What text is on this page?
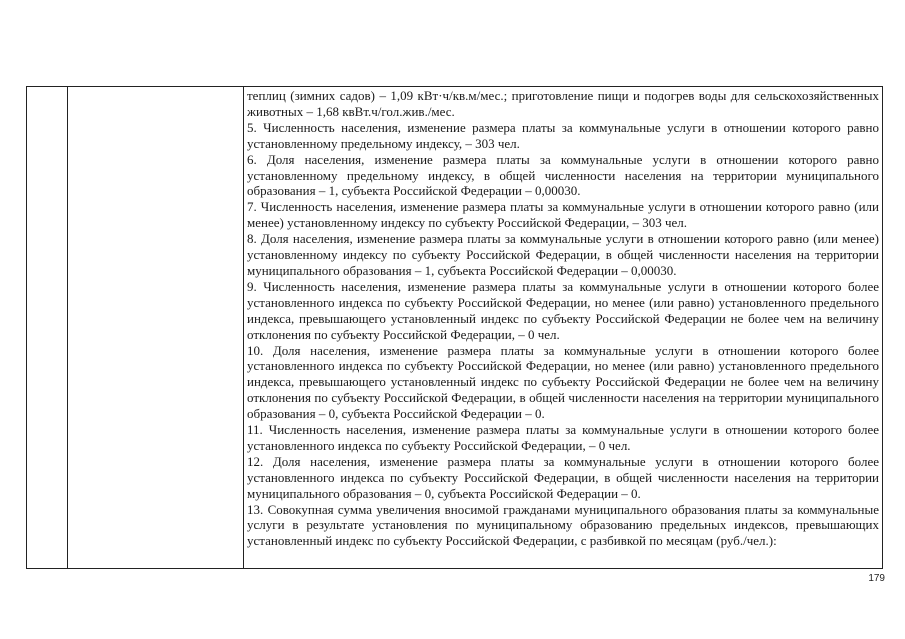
теплиц (зимних садов) – 1,09 кВт·ч/кв.м/мес.; приготовление пищи и подогрев воды для сельскохозяйственных животных – 1,68 квВт.ч/гол.жив./мес.

5. Численность населения, изменение размера платы за коммунальные услуги в отношении которого равно установленному предельному индексу, – 303 чел.

6. Доля населения, изменение размера платы за коммунальные услуги в отношении которого равно установленному предельному индексу, в общей численности населения на территории муниципального образования – 1, субъекта Российской Федерации – 0,00030.

7. Численность населения, изменение размера платы за коммунальные услуги в отношении которого равно (или менее) установленному индексу по субъекту Российской Федерации, – 303 чел.

8. Доля населения, изменение размера платы за коммунальные услуги в отношении которого равно (или менее) установленному индексу по субъекту Российской Федерации, в общей численности населения на территории муниципального образования – 1, субъекта Российской Федерации – 0,00030.

9. Численность населения, изменение размера платы за коммунальные услуги в отношении которого более установленного индекса по субъекту Российской Федерации, но менее (или равно) установленного предельного индекса, превышающего установленный индекс по субъекту Российской Федерации не более чем на величину отклонения по субъекту Российской Федерации, – 0 чел.

10. Доля населения, изменение размера платы за коммунальные услуги в отношении которого более установленного индекса по субъекту Российской Федерации, но менее (или равно) установленного предельного индекса, превышающего установленный индекс по субъекту Российской Федерации не более чем на величину отклонения по субъекту Российской Федерации, в общей численности населения на территории муниципального образования – 0, субъекта Российской Федерации – 0.

11. Численность населения, изменение размера платы за коммунальные услуги в отношении которого более установленного индекса по субъекту Российской Федерации, – 0 чел.

12. Доля населения, изменение размера платы за коммунальные услуги в отношении которого более установленного индекса по субъекту Российской Федерации, в общей численности населения на территории муниципального образования – 0, субъекта Российской Федерации – 0.

13. Совокупная сумма увеличения вносимой гражданами муниципального образования платы за коммунальные услуги в результате установления по муниципальному образованию предельных индексов, превышающих установленный индекс по субъекту Российской Федерации, с разбивкой по месяцам (руб./чел.):

179
